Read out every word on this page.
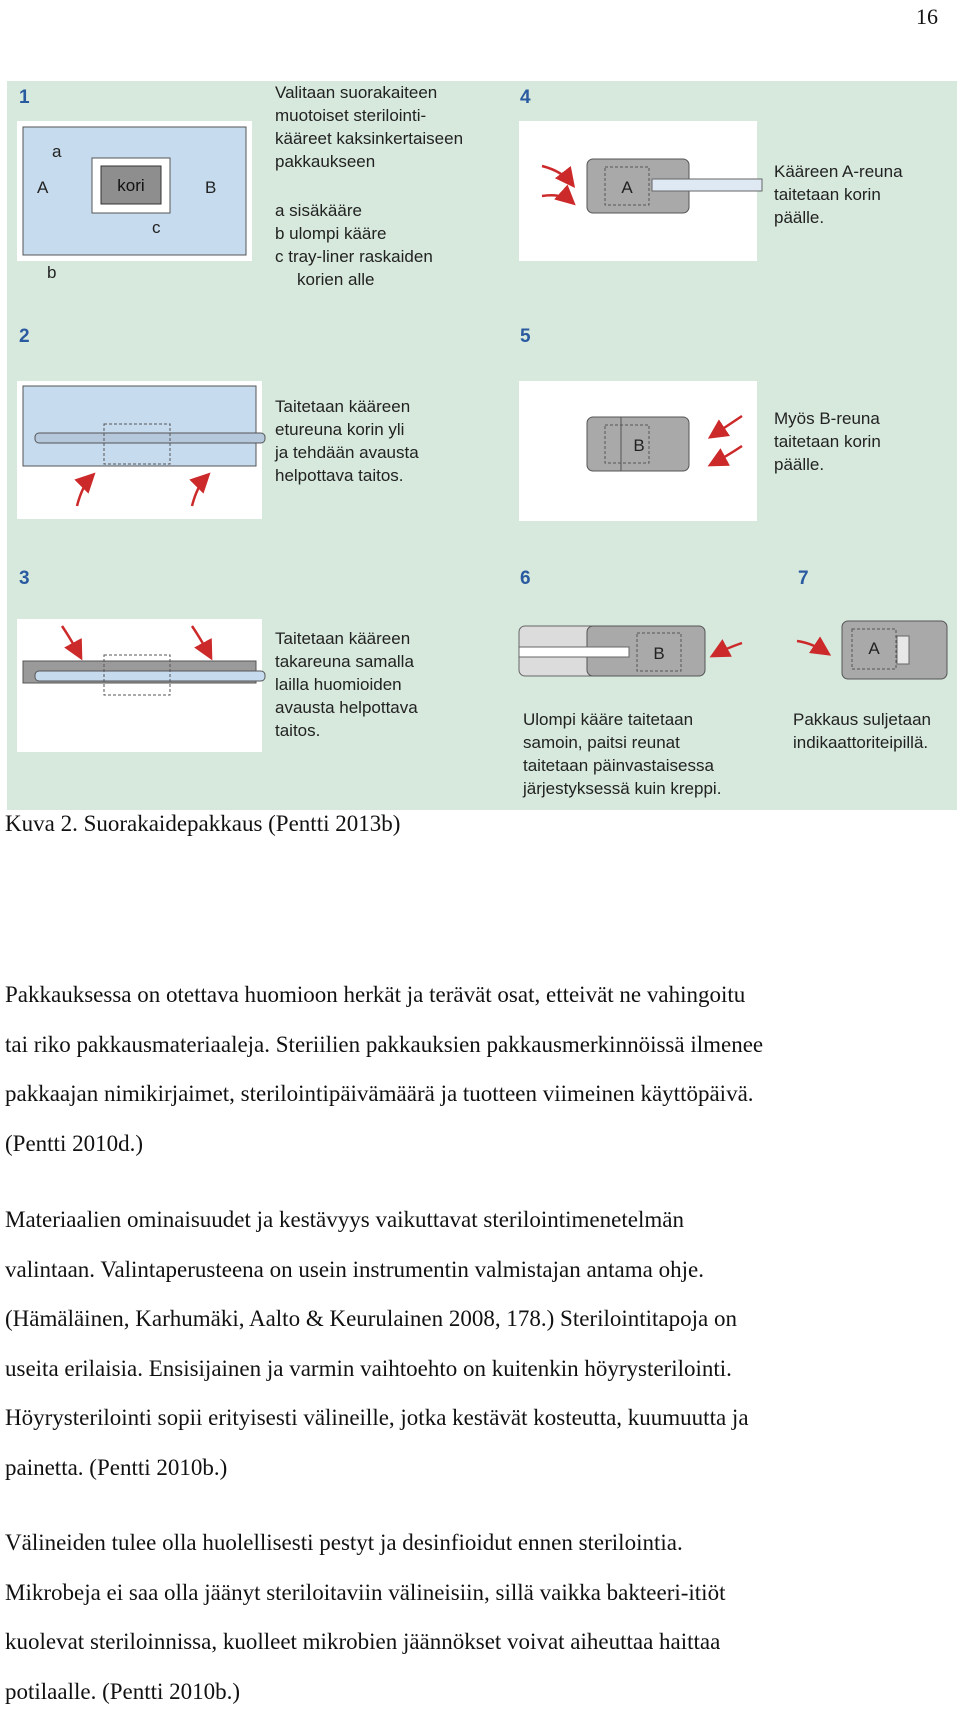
16
1
kori
a
A	B
c
b
Valitaan suorakaiteen
muotoiset sterilointi-
kääreet kaksinkertaiseen
pakkaukseen
a sisäkääre
b ulompi kääre
c tray-liner raskaiden
korien alle
4
A
Kääreen A-reuna
taitetaan korin
päälle.
2
Taitetaan kääreen
etureuna korin yli
ja tehdään avausta
helpottava taitos.
5
B
Myös B-reuna
taitetaan korin
päälle.
3
Taitetaan kääreen
takareuna samalla
lailla huomioiden
avausta helpottava
taitos.
6
B
Ulompi kääre taitetaan
samoin, paitsi reunat
taitetaan päinvastaisessa
järjestyksessä kuin kreppi.
7
A
Pakkaus suljetaan
indikaattoriteipillä.
Kuva 2. Suorakaidepakkaus (Pentti 2013b)

Pakkauksessa on otettava huomioon herkät ja terävät osat, etteivät ne vahingoitu
tai riko pakkausmateriaaleja. Steriilien pakkauksien pakkausmerkinnöissä ilmenee
pakkaajan nimikirjaimet, sterilointipäivämäärä ja tuotteen viimeinen käyttöpäivä.
(Pentti 2010d.)

Materiaalien ominaisuudet ja kestävyys vaikuttavat sterilointimenetelmän
valintaan. Valintaperusteena on usein instrumentin valmistajan antama ohje.
(Hämäläinen, Karhumäki, Aalto & Keurulainen 2008, 178.) Sterilointitapoja on
useita erilaisia. Ensisijainen ja varmin vaihtoehto on kuitenkin höyrysterilointi.
Höyrysterilointi sopii erityisesti välineille, jotka kestävät kosteutta, kuumuutta ja
painetta. (Pentti 2010b.)

Välineiden tulee olla huolellisesti pestyt ja desinfioidut ennen sterilointia.
Mikrobeja ei saa olla jäänyt steriloitaviin välineisiin, sillä vaikka bakteeri-itiöt
kuolevat steriloinnissa, kuolleet mikrobien jäännökset voivat aiheuttaa haittaa
potilaalle. (Pentti 2010b.)
